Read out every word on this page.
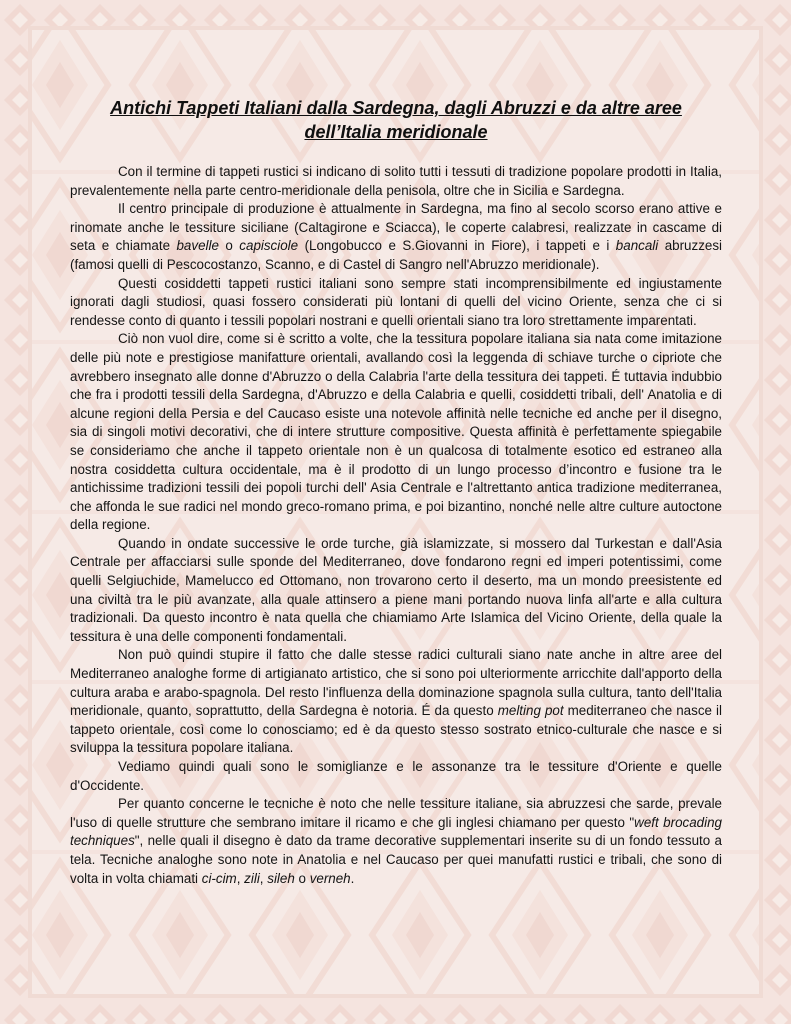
Antichi Tappeti Italiani dalla Sardegna, dagli Abruzzi e da altre aree
dell’Italia meridionale

Con il termine di tappeti rustici si indicano di solito tutti i tessuti di tradizione popolare prodotti in Italia, prevalentemente nella parte centro-meridionale della penisola, oltre che in Sicilia e Sardegna.

Il centro principale di produzione è attualmente in Sardegna, ma fino al secolo scorso erano attive e rinomate anche le tessiture siciliane (Caltagirone e Sciacca), le coperte calabresi, realizzate in cascame di seta e chiamate bavelle o capisciole (Longobucco e S.Giovanni in Fiore), i tappeti e i bancali abruzzesi (famosi quelli di Pescocostanzo, Scanno, e di Castel di Sangro nell'Abruzzo meridionale).

Questi cosiddetti tappeti rustici italiani sono sempre stati incomprensibilmente ed ingiustamente ignorati dagli studiosi, quasi fossero considerati più lontani di quelli del vicino Oriente, senza che ci si rendesse conto di quanto i tessili popolari nostrani e quelli orientali siano tra loro strettamente imparentati.

Ciò non vuol dire, come si è scritto a volte, che la tessitura popolare italiana sia nata come imitazione delle più note e prestigiose manifatture orientali, avallando così la leggenda di schiave turche o cipriote che avrebbero insegnato alle donne d'Abruzzo o della Calabria l'arte della tessitura dei tappeti. É tuttavia indubbio che fra i prodotti tessili della Sardegna, d'Abruzzo e della Calabria e quelli, cosiddetti tribali, dell' Anatolia e di alcune regioni della Persia e del Caucaso esiste una notevole affinità nelle tecniche ed anche per il disegno, sia di singoli motivi decorativi, che di intere strutture compositive. Questa affinità è perfettamente spiegabile se consideriamo che anche il tappeto orientale non è un qualcosa di totalmente esotico ed estraneo alla nostra cosiddetta cultura occidentale, ma è il prodotto di un lungo processo d’incontro e fusione tra le antichissime tradizioni tessili dei popoli turchi dell' Asia Centrale e l'altrettanto antica tradizione mediterranea, che affonda le sue radici nel mondo greco-romano prima, e poi bizantino, nonché nelle altre culture autoctone della regione.

Quando in ondate successive le orde turche, già islamizzate, si mossero dal Turkestan e dall'Asia Centrale per affacciarsi sulle sponde del Mediterraneo, dove fondarono regni ed imperi potentissimi, come quelli Selgiuchide, Mamelucco ed Ottomano, non trovarono certo il deserto, ma un mondo preesistente ed una civiltà tra le più avanzate, alla quale attinsero a piene mani portando nuova linfa all'arte e alla cultura tradizionali. Da questo incontro è nata quella che chiamiamo Arte Islamica del Vicino Oriente, della quale la tessitura è una delle componenti fondamentali.

Non può quindi stupire il fatto che dalle stesse radici culturali siano nate anche in altre aree del Mediterraneo analoghe forme di artigianato artistico, che si sono poi ulteriormente arricchite dall'apporto della cultura araba e arabo-spagnola. Del resto l'influenza della dominazione spagnola sulla cultura, tanto dell'Italia meridionale, quanto, soprattutto, della Sardegna è notoria. É da questo melting pot mediterraneo che nasce il tappeto orientale, così come lo conosciamo; ed è da questo stesso sostrato etnico-culturale che nasce e si sviluppa la tessitura popolare italiana.

Vediamo quindi quali sono le somiglianze e le assonanze tra le tessiture d'Oriente e quelle d'Occidente.

Per quanto concerne le tecniche è noto che nelle tessiture italiane, sia abruzzesi che sarde, prevale l'uso di quelle strutture che sembrano imitare il ricamo e che gli inglesi chiamano per questo "weft brocading techniques", nelle quali il disegno è dato da trame decorative supplementari inserite su di un fondo tessuto a tela. Tecniche analoghe sono note in Anatolia e nel Caucaso per quei manufatti rustici e tribali, che sono di volta in volta chiamati ci-cim, zili, sileh o verneh.
